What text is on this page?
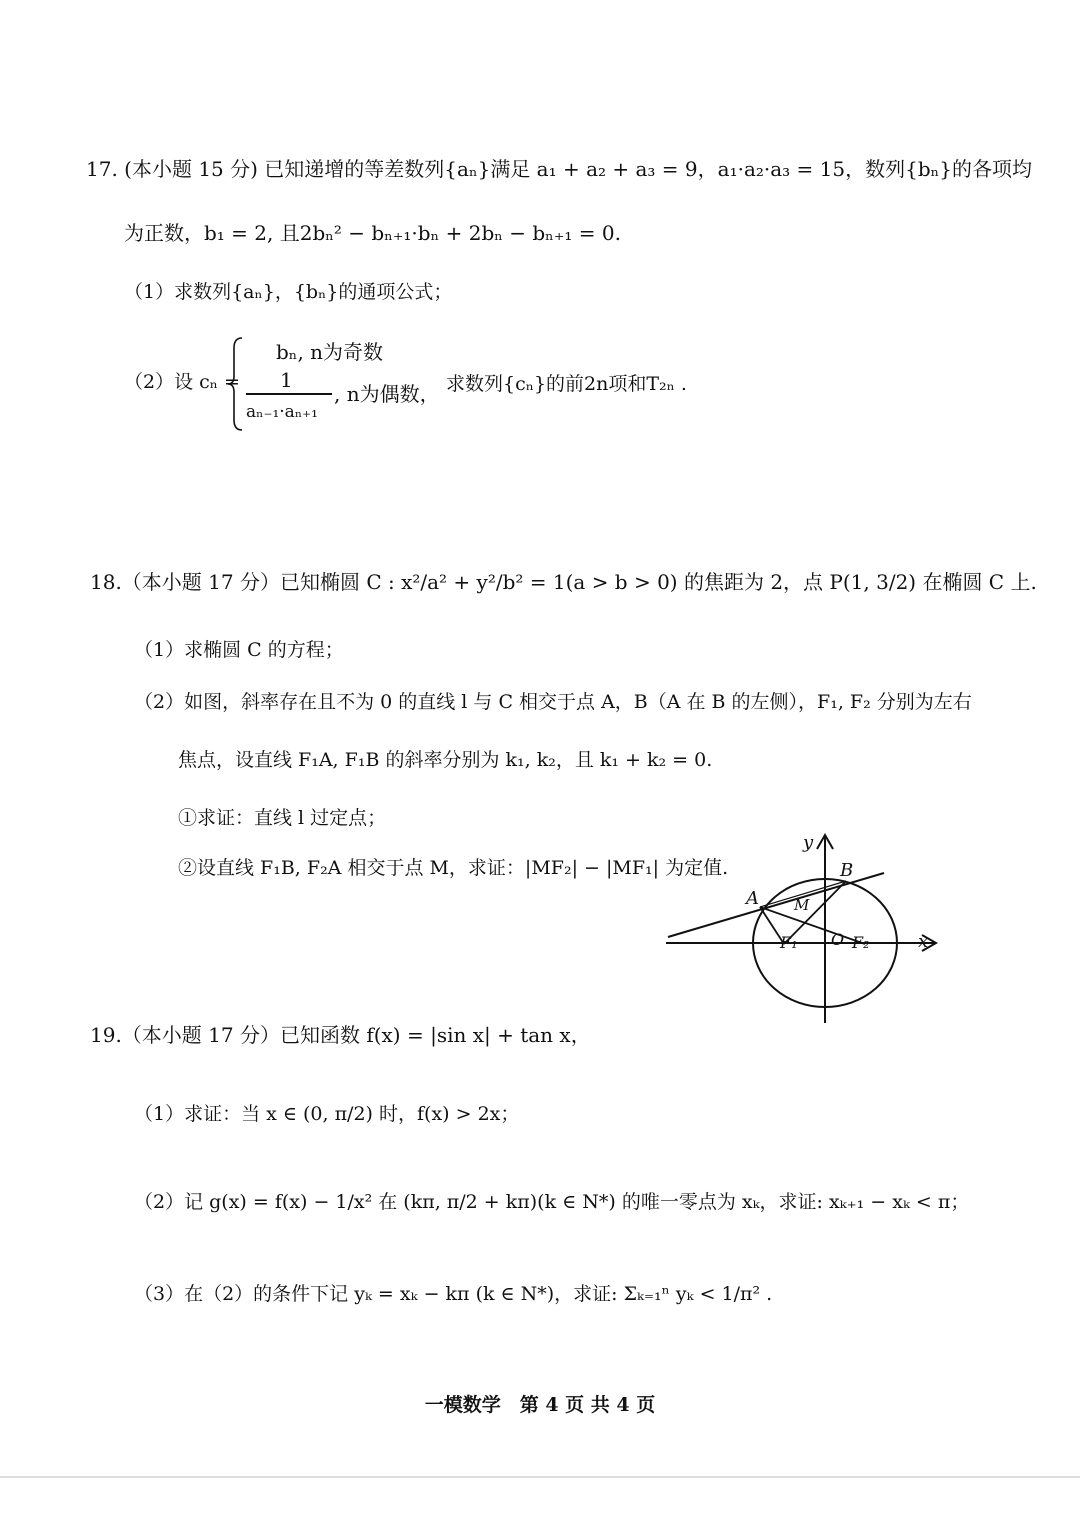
17. (本小题 15 分) 已知递增的等差数列{aₙ}满足 a₁ + a₂ + a₃ = 9，a₁·a₂·a₃ = 15，数列{bₙ}的各项均
为正数，b₁ = 2, 且2bₙ² − bₙ₊₁·bₙ + 2bₙ − bₙ₊₁ = 0.
（1）求数列{aₙ}，{bₙ}的通项公式；
（2）设 cₙ =
bₙ, n为奇数
1
aₙ₋₁·aₙ₊₁
, n为偶数， 求数列{cₙ}的前2n项和T₂ₙ .
18.（本小题 17 分）已知椭圆 C : x²/a² + y²/b² = 1(a > b > 0) 的焦距为 2，点 P(1, 3/2) 在椭圆 C 上.
（1）求椭圆 C 的方程；
（2）如图，斜率存在且不为 0 的直线 l 与 C 相交于点 A，B（A 在 B 的左侧），F₁, F₂ 分别为左右
焦点，设直线 F₁A, F₁B 的斜率分别为 k₁, k₂，且 k₁ + k₂ = 0.
①求证：直线 l 过定点；
②设直线 F₁B, F₂A 相交于点 M，求证：|MF₂| − |MF₁| 为定值.
y
x
O
A
B
M
F₁	F₂
19.（本小题 17 分）已知函数 f(x) = |sin x| + tan x，
（1）求证：当 x ∈ (0, π/2) 时，f(x) > 2x；
（2）记 g(x) = f(x) − 1/x² 在 (kπ, π/2 + kπ)(k ∈ N*) 的唯一零点为 xₖ，求证: xₖ₊₁ − xₖ < π；
（3）在（2）的条件下记 yₖ = xₖ − kπ (k ∈ N*)，求证: Σₖ₌₁ⁿ yₖ < 1/π² .
一模数学　第 4 页 共 4 页
